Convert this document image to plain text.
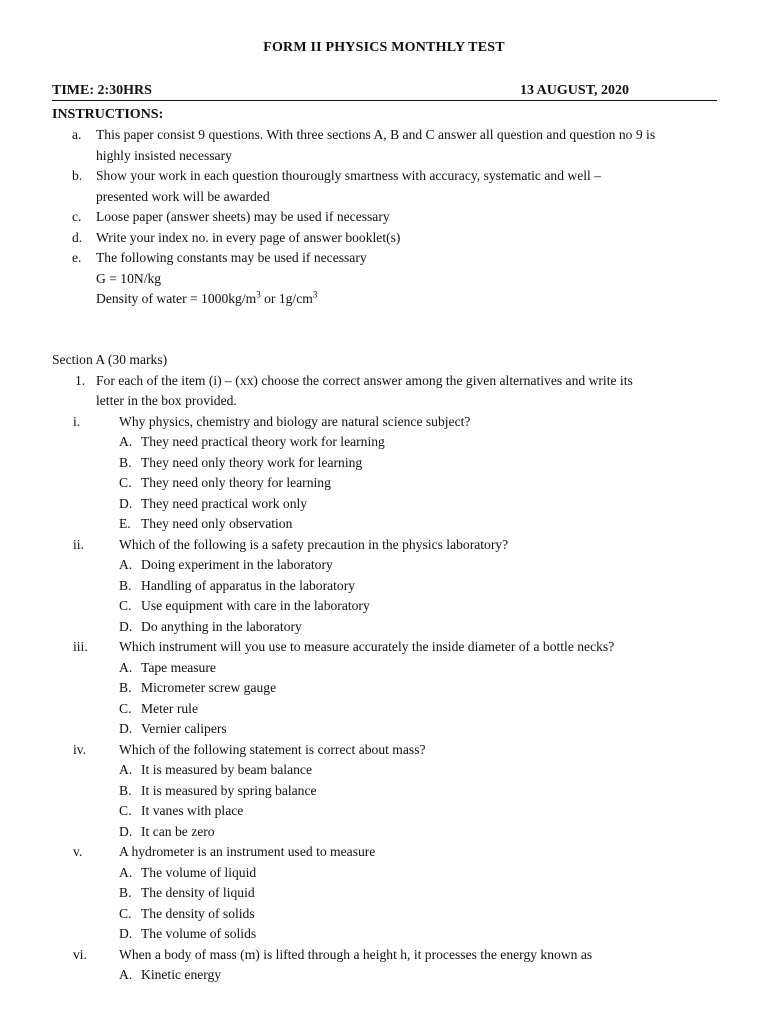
FORM II PHYSICS MONTHLY TEST
TIME: 2:30HRS	13 AUGUST, 2020
INSTRUCTIONS:
a. This paper consist 9 questions. With three sections A, B and C answer all question and question no 9 is
highly insisted necessary
b. Show your work in each question thourougly smartness with accuracy, systematic and well –
presented work will be awarded
c. Loose paper (answer sheets) may be used if necessary
d. Write your index no. in every page of answer booklet(s)
e. The following constants may be used if necessary
G = 10N/kg
Density of water = $1000kg/m^3$ or $1g/cm^3$
Section A (30 marks)
1. For each of the item (i) – (xx) choose the correct answer among the given alternatives and write its
letter in the box provided.
i.	Why physics, chemistry and biology are natural science subject?
A. They need practical theory work for learning
B. They need only theory work for learning
C. They need only theory for learning
D. They need practical work only
E. They need only observation
ii.	Which of the following is a safety precaution in the physics laboratory?
A. Doing experiment in the laboratory
B. Handling of apparatus in the laboratory
C. Use equipment with care in the laboratory
D. Do anything in the laboratory
iii. Which instrument will you use to measure accurately the inside diameter of a bottle necks?
A. Tape measure
B. Micrometer screw gauge
C. Meter rule
D. Vernier calipers
iv. Which of the following statement is correct about mass?
A. It is measured by beam balance
B. It is measured by spring balance
C. It vanes with place
D. It can be zero
v.	A hydrometer is an instrument used to measure
A. The volume of liquid
B. The density of liquid
C. The density of solids
D. The volume of solids
vi. When a body of mass (m) is lifted through a height h, it processes the energy known as
A. Kinetic energy
